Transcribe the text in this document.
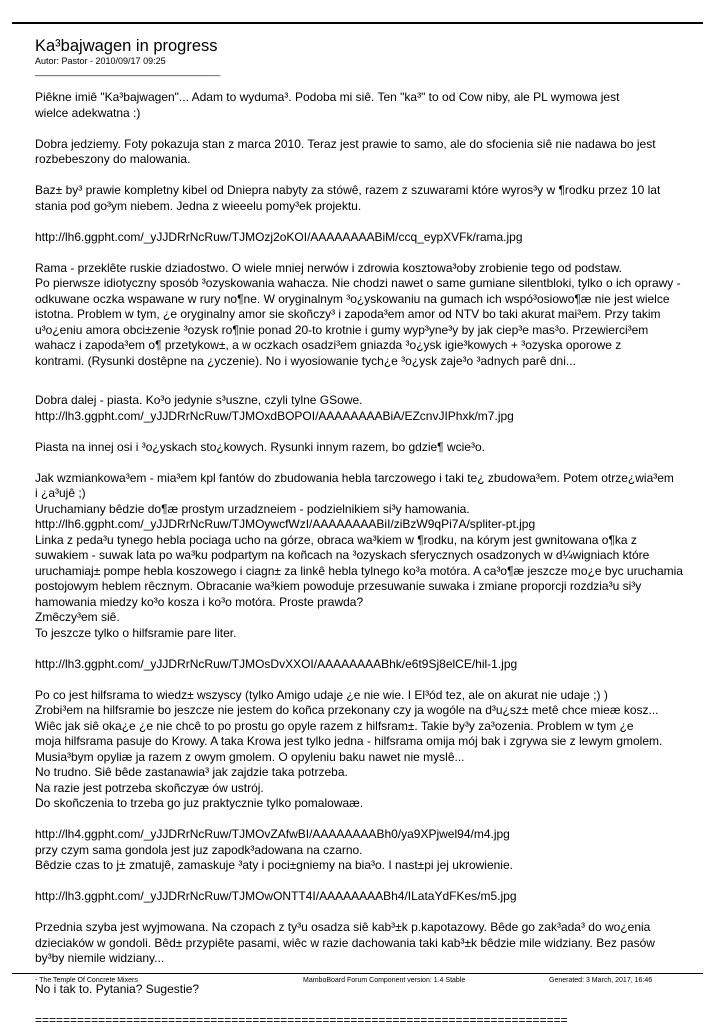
Ka³bajwagen in progress
Autor: Pastor - 2010/09/17 09:25
_____________________________________

Piêkne imiê "Ka³bajwagen"... Adam to wyduma³. Podoba mi siê. Ten "ka³" to od Cow niby, ale PL wymowa jest
wielce adekwatna :)

Dobra jedziemy. Foty pokazuja stan z marca 2010. Teraz jest prawie to samo, ale do sfocienia siê nie nadawa bo jest
rozbebeszony do malowania.

Baz± by³ prawie kompletny kibel od Dniepra nabyty za stówê, razem z szuwarami które wyros³y w ¶rodku przez 10 lat
stania pod go³ym niebem. Jedna z wieeelu pomy³ek projektu.

http://lh6.ggpht.com/_yJJDRrNcRuw/TJMOzj2oKOI/AAAAAAAABiM/ccq_eypXVFk/rama.jpg

Rama - przeklête ruskie dziadostwo. O wiele mniej nerwów i zdrowia kosztowa³oby zrobienie tego od podstaw.
Po pierwsze idiotyczny sposób ³ozyskowania wahacza. Nie chodzi nawet o same gumiane silentbloki, tylko o ich oprawy -
odkuwane oczka wspawane w rury no¶ne. W oryginalnym ³o¿yskowaniu na gumach ich wspó³osiowo¶æ nie jest wielce
istotna. Problem w tym, ¿e oryginalny amor sie skoñczy³ i zapoda³em amor od NTV bo taki akurat mai³em. Przy takim
u³o¿eniu amora obci±zenie ³ozysk ro¶nie ponad 20-to krotnie i gumy wyp³yne³y by jak ciep³e mas³o. Przewierci³em
wahacz i zapoda³em o¶ przetykow±, a w oczkach osadzi³em gniazda ³o¿ysk igie³kowych + ³ozyska oporowe z
kontrami. (Rysunki dostêpne na ¿yczenie). No i wyosiowanie tych¿e ³o¿ysk zaje³o ³adnych parê dni...

Dobra dalej - piasta. Ko³o jedynie s³uszne, czyli tylne GSowe.
http://lh3.ggpht.com/_yJJDRrNcRuw/TJMOxdBOPOI/AAAAAAAABiA/EZcnvJIPhxk/m7.jpg

Piasta na innej osi i ³o¿yskach sto¿kowych. Rysunki innym razem, bo gdzie¶ wcie³o.

Jak wzmiankowa³em - mia³em kpl fantów do zbudowania hebla tarczowego i taki te¿ zbudowa³em. Potem otrze¿wia³em
i ¿a³ujê ;)
Uruchamiany bêdzie do¶æ prostym urzadzneiem - podzielnikiem si³y hamowania.
http://lh6.ggpht.com/_yJJDRrNcRuw/TJMOywcfWzI/AAAAAAAABiI/ziBzW9qPi7A/spliter-pt.jpg
Linka z peda³u tynego hebla pociaga ucho na górze, obraca wa³kiem w ¶rodku, na kórym jest gwnitowana o¶ka z
suwakiem - suwak lata po wa³ku podpartym na koñcach na ³ozyskach sferycznych osadzonych w d¼wigniach które
uruchamiaj± pompe hebla koszowego i ciagn± za linkê hebla tylnego ko³a motóra. A ca³o¶æ jeszcze mo¿e byc uruchamia
postojowym heblem rêcznym. Obracanie wa³kiem powoduje przesuwanie suwaka i zmiane proporcji rozdzia³u si³y
hamowania miedzy ko³o kosza i ko³o motóra. Proste prawda?
Zmêczy³em siê.
To jeszcze tylko o hilfsramie pare liter.

http://lh3.ggpht.com/_yJJDRrNcRuw/TJMOsDvXXOI/AAAAAAAABhk/e6t9Sj8elCE/hil-1.jpg

Po co jest hilfsrama to wiedz± wszyscy (tylko Amigo udaje ¿e nie wie. I El³ód tez, ale on akurat nie udaje ;) )
Zrobi³em na hilfsramie bo jeszcze nie jestem do koñca przekonany czy ja wogóle na d³u¿sz± metê chce mieæ kosz...
Wiêc jak siê oka¿e ¿e nie chcê to po prostu go opyle razem z hilfsram±. Takie by³y za³ozenia. Problem w tym ¿e
moja hilfsrama pasuje do Krowy. A taka Krowa jest tylko jedna - hilfsrama omija mój bak i zgrywa sie z lewym gmolem.
Musia³bym opyliæ ja razem z owym gmolem. O opyleniu baku nawet nie myslê...
No trudno. Siê bêde zastanawia³ jak zajdzie taka potrzeba.
Na razie jest potrzeba skoñczyæ ów ustrój.
Do skoñczenia to trzeba go juz praktycznie tylko pomalowaæ.

http://lh4.ggpht.com/_yJJDRrNcRuw/TJMOvZAfwBI/AAAAAAAABh0/ya9XPjwel94/m4.jpg
przy czym sama gondola jest juz zapodk³adowana na czarno.
Bêdzie czas to j± zmatujê, zamaskuje ³aty i poci±gniemy na bia³o. I nast±pi jej ukrowienie.

http://lh3.ggpht.com/_yJJDRrNcRuw/TJMOwONTT4I/AAAAAAAABh4/ILataYdFKes/m5.jpg

Przednia szyba jest wyjmowana. Na czopach z ty³u osadza siê kab³±k p.kapotazowy. Bêde go zak³ada³ do wo¿enia
dzieciaków w gondoli. Bêd± przypiête pasami, wiêc w razie dachowania taki kab³±k bêdzie mile widziany. Bez pasów
by³by niemile widziany...

No i tak to. Pytania? Sugestie?

============================================================================
- The Temple Of Concrete Mixers	MamboBoard Forum Component version: 1.4 Stable	Generated: 3 March, 2017, 16:46
